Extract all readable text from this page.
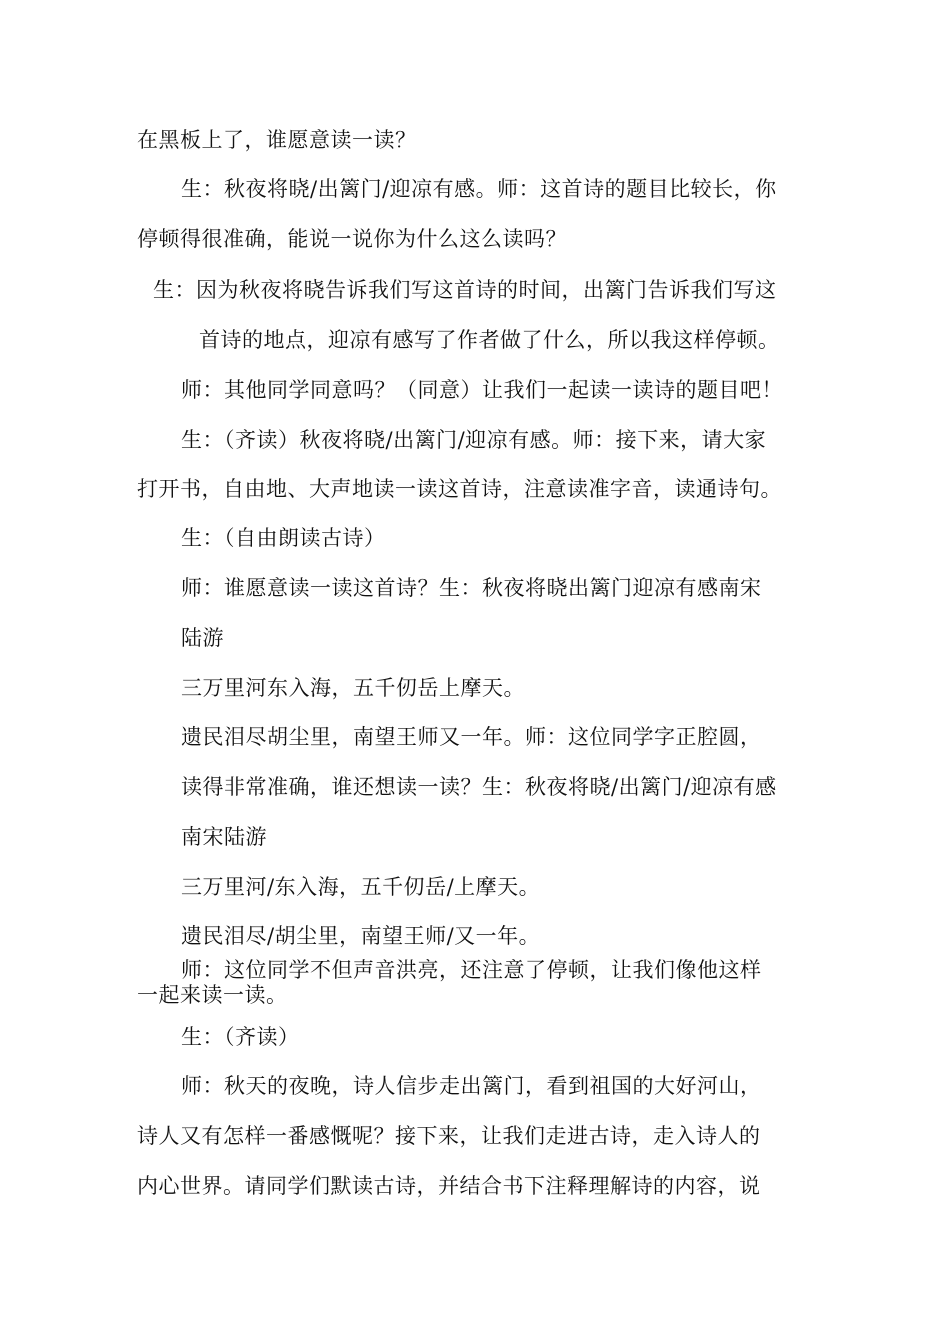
在黑板上了，谁愿意读一读？

生：秋夜将晓/出篱门/迎凉有感。师：这首诗的题目比较长，你

停顿得很准确，能说一说你为什么这么读吗？

生：因为秋夜将晓告诉我们写这首诗的时间，出篱门告诉我们写这

首诗的地点，迎凉有感写了作者做了什么，所以我这样停顿。

师：其他同学同意吗？（同意）让我们一起读一读诗的题目吧！

生：（齐读）秋夜将晓/出篱门/迎凉有感。师：接下来，请大家

打开书，自由地、大声地读一读这首诗，注意读准字音，读通诗句。

生：（自由朗读古诗）

师：谁愿意读一读这首诗？生：秋夜将晓出篱门迎凉有感南宋

陆游

三万里河东入海，五千仞岳上摩天。

遗民泪尽胡尘里，南望王师又一年。师：这位同学字正腔圆，

读得非常准确，谁还想读一读？生：秋夜将晓/出篱门/迎凉有感

南宋陆游

三万里河/东入海，五千仞岳/上摩天。

遗民泪尽/胡尘里，南望王师/又一年。

师：这位同学不但声音洪亮，还注意了停顿，让我们像他这样

一起来读一读。

生：（齐读）

师：秋天的夜晚，诗人信步走出篱门，看到祖国的大好河山，

诗人又有怎样一番感慨呢？接下来，让我们走进古诗，走入诗人的

内心世界。请同学们默读古诗，并结合书下注释理解诗的内容，说
